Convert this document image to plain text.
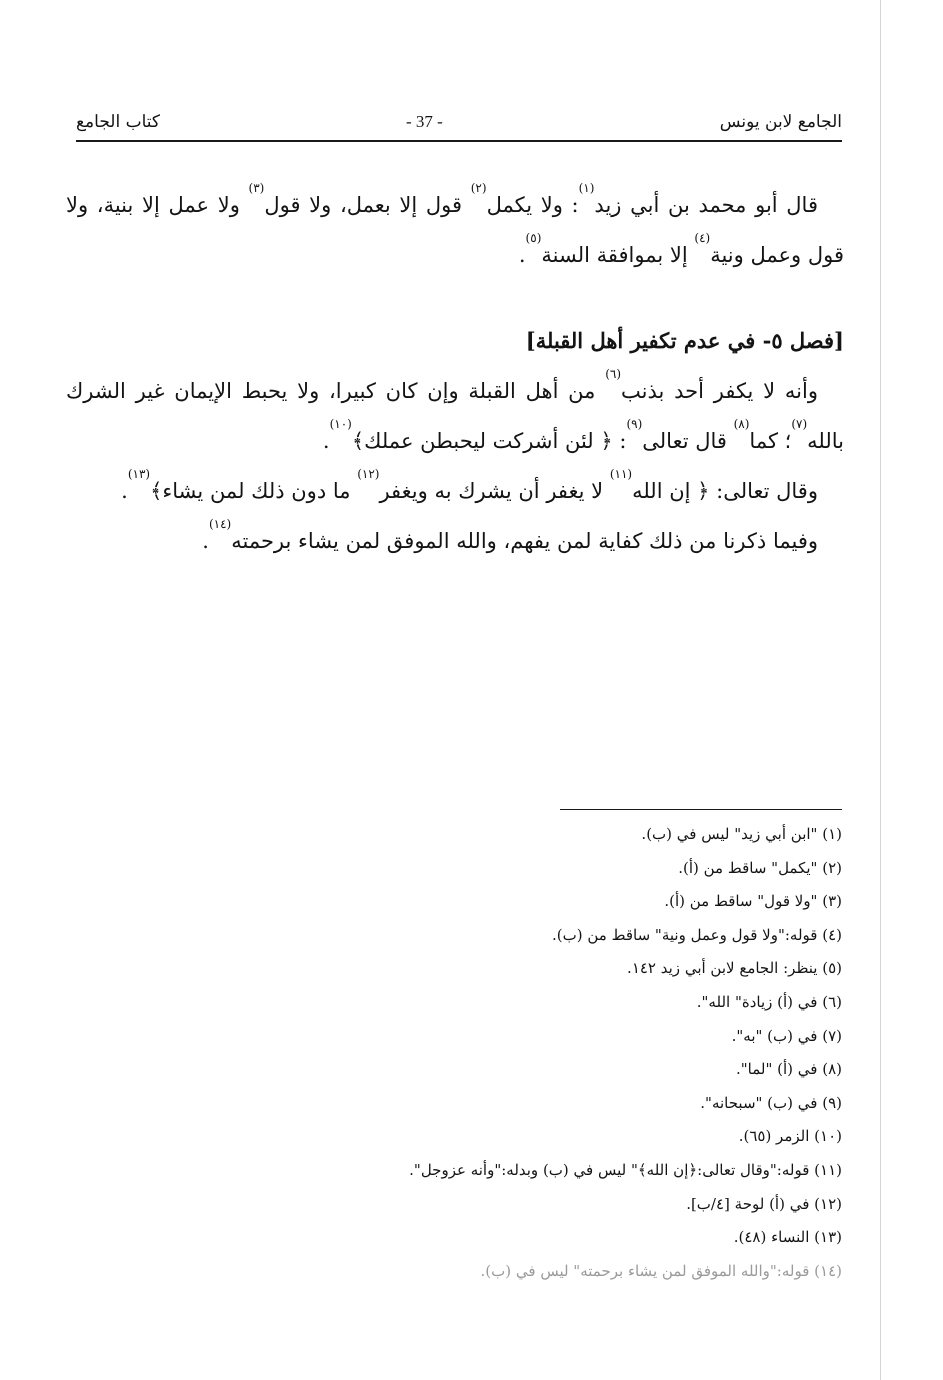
الجامع لابن يونس
- 37 -
كتاب الجامع

قال أبو محمد بن أبي زيد$^{(١)}$: ولا يكمل$^{(٢)}$ قول إلا بعمل، ولا قول$^{(٣)}$ ولا عمل إلا بنية، ولا قول وعمل ونية$^{(٤)}$ إلا بموافقة السنة$^{(٥)}$.

[فصل ٥- في عدم تكفير أهل القبلة]

وأنه لا يكفر أحد بذنب$^{(٦)}$ من أهل القبلة وإن كان كبيرا، ولا يحبط الإيمان غير الشرك بالله$^{(٧)}$؛ كما$^{(٨)}$ قال تعالى$^{(٩)}$: ﴿ لئن أشركت ليحبطن عملك﴾$^{(١٠)}$.

وقال تعالى: ﴿ إن الله$^{(١١)}$ لا يغفر أن يشرك به ويغفر$^{(١٢)}$ ما دون ذلك لمن يشاء﴾$^{(١٣)}$.

وفيما ذكرنا من ذلك كفاية لمن يفهم، والله الموفق لمن يشاء برحمته$^{(١٤)}$.

(١) "ابن أبي زيد" ليس في (ب).
(٢) "يكمل" ساقط من (أ).
(٣) "ولا قول" ساقط من (أ).
(٤) قوله:"ولا قول وعمل ونية" ساقط من (ب).
(٥) ينظر: الجامع لابن أبي زيد ١٤٢.
(٦) في (أ) زيادة" الله".
(٧) في (ب) "به".
(٨) في (أ) "لما".
(٩) في (ب) "سبحانه".
(١٠) الزمر (٦٥).
(١١) قوله:"وقال تعالى:﴿إن الله﴾" ليس في (ب) وبدله:"وأنه عزوجل".
(١٢) في (أ) لوحة [٤/ب].
(١٣) النساء (٤٨).
(١٤) قوله:"والله الموفق لمن يشاء برحمته" ليس في (ب).
